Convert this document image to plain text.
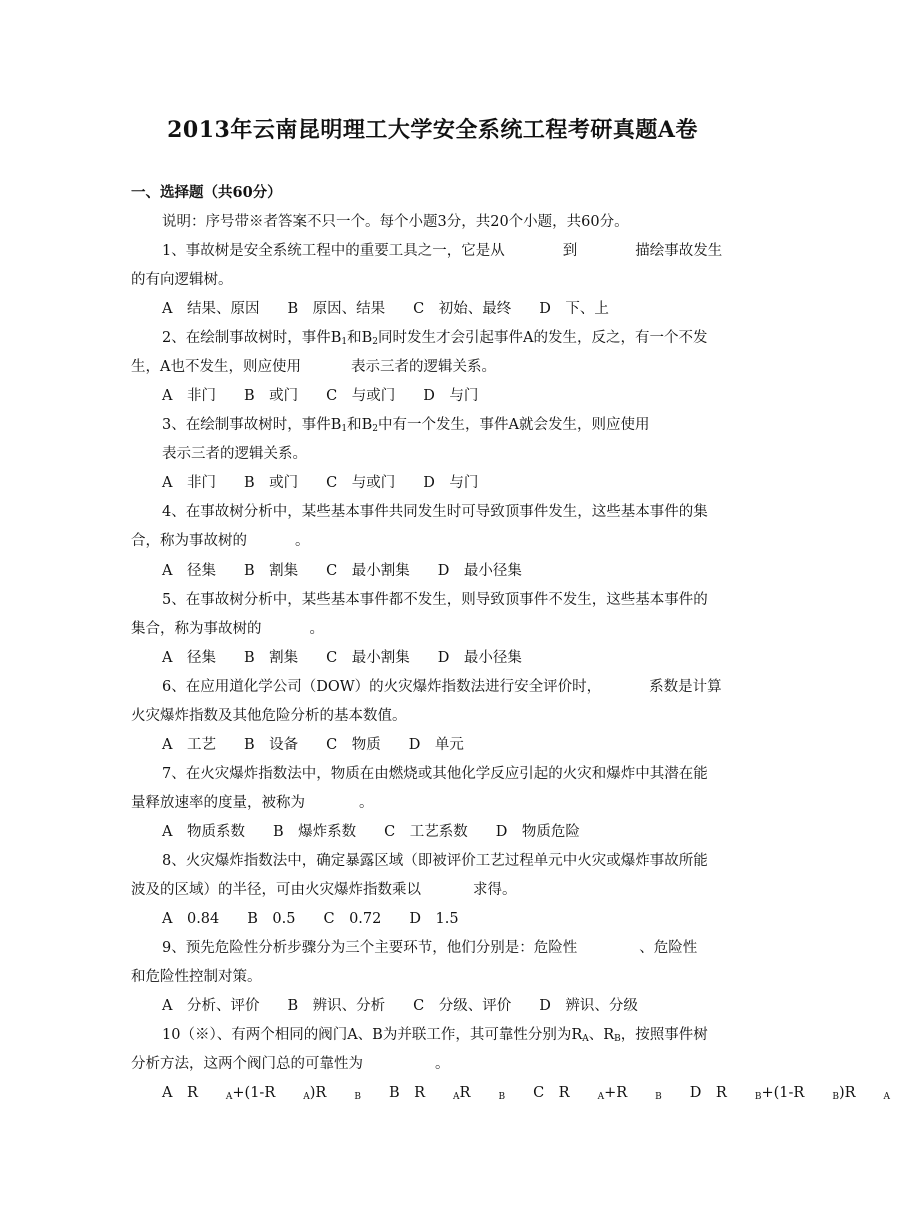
2013年云南昆明理工大学安全系统工程考研真题A卷
一、选择题（共60分）
说明：序号带※者答案不只一个。每个小题3分，共20个小题，共60分。
1、事故树是安全系统工程中的重要工具之一，它是从	到	描绘事故发生
的有向逻辑树。
A　结果、原因 B　原因、结果 C　初始、最终 D　下、上
2、在绘制事故树时，事件$B_1$和$B_2$同时发生才会引起事件A的发生，反之，有一个不发
生，A也不发生，则应使用	表示三者的逻辑关系。
A　非门 B　或门 C　与或门 D　与门
3、在绘制事故树时，事件$B_1$和$B_2$中有一个发生，事件A就会发生，则应使用
表示三者的逻辑关系。
A　非门 B　或门 C　与或门 D　与门
4、在事故树分析中，某些基本事件共同发生时可导致顶事件发生，这些基本事件的集
合，称为事故树的	。
A　径集 B　割集 C　最小割集 D　最小径集
5、在事故树分析中，某些基本事件都不发生，则导致顶事件不发生，这些基本事件的
集合，称为事故树的	。
A　径集 B　割集 C　最小割集 D　最小径集
6、在应用道化学公司（DOW）的火灾爆炸指数法进行安全评价时，	系数是计算
火灾爆炸指数及其他危险分析的基本数值。
A　工艺 B　设备 C　物质 D　单元
7、在火灾爆炸指数法中，物质在由燃烧或其他化学反应引起的火灾和爆炸中其潜在能
量释放速率的度量，被称为	。
A　物质系数 B　爆炸系数 C　工艺系数 D　物质危险
8、火灾爆炸指数法中，确定暴露区域（即被评价工艺过程单元中火灾或爆炸事故所能
波及的区域）的半径，可由火灾爆炸指数乘以	求得。
A　0.84 B　0.5 C　0.72 D　1.5
9、预先危险性分析步骤分为三个主要环节，他们分别是：危险性	、危险性
和危险性控制对策。
A　分析、评价 B　辨识、分析 C　分级、评价 D　辨识、分级
10（※）、有两个相同的阀门A、B为并联工作，其可靠性分别为$R_A$、$R_B$，按照事件树
分析方法，这两个阀门总的可靠性为	。
A　R	$_A$+(1-R	$_A$)R	$_B$ B　R	$_A$R	$_B$ C　R	$_A$+R	$_B$ D　R	$_B$+(1-R	$_B$)R	$_A$
